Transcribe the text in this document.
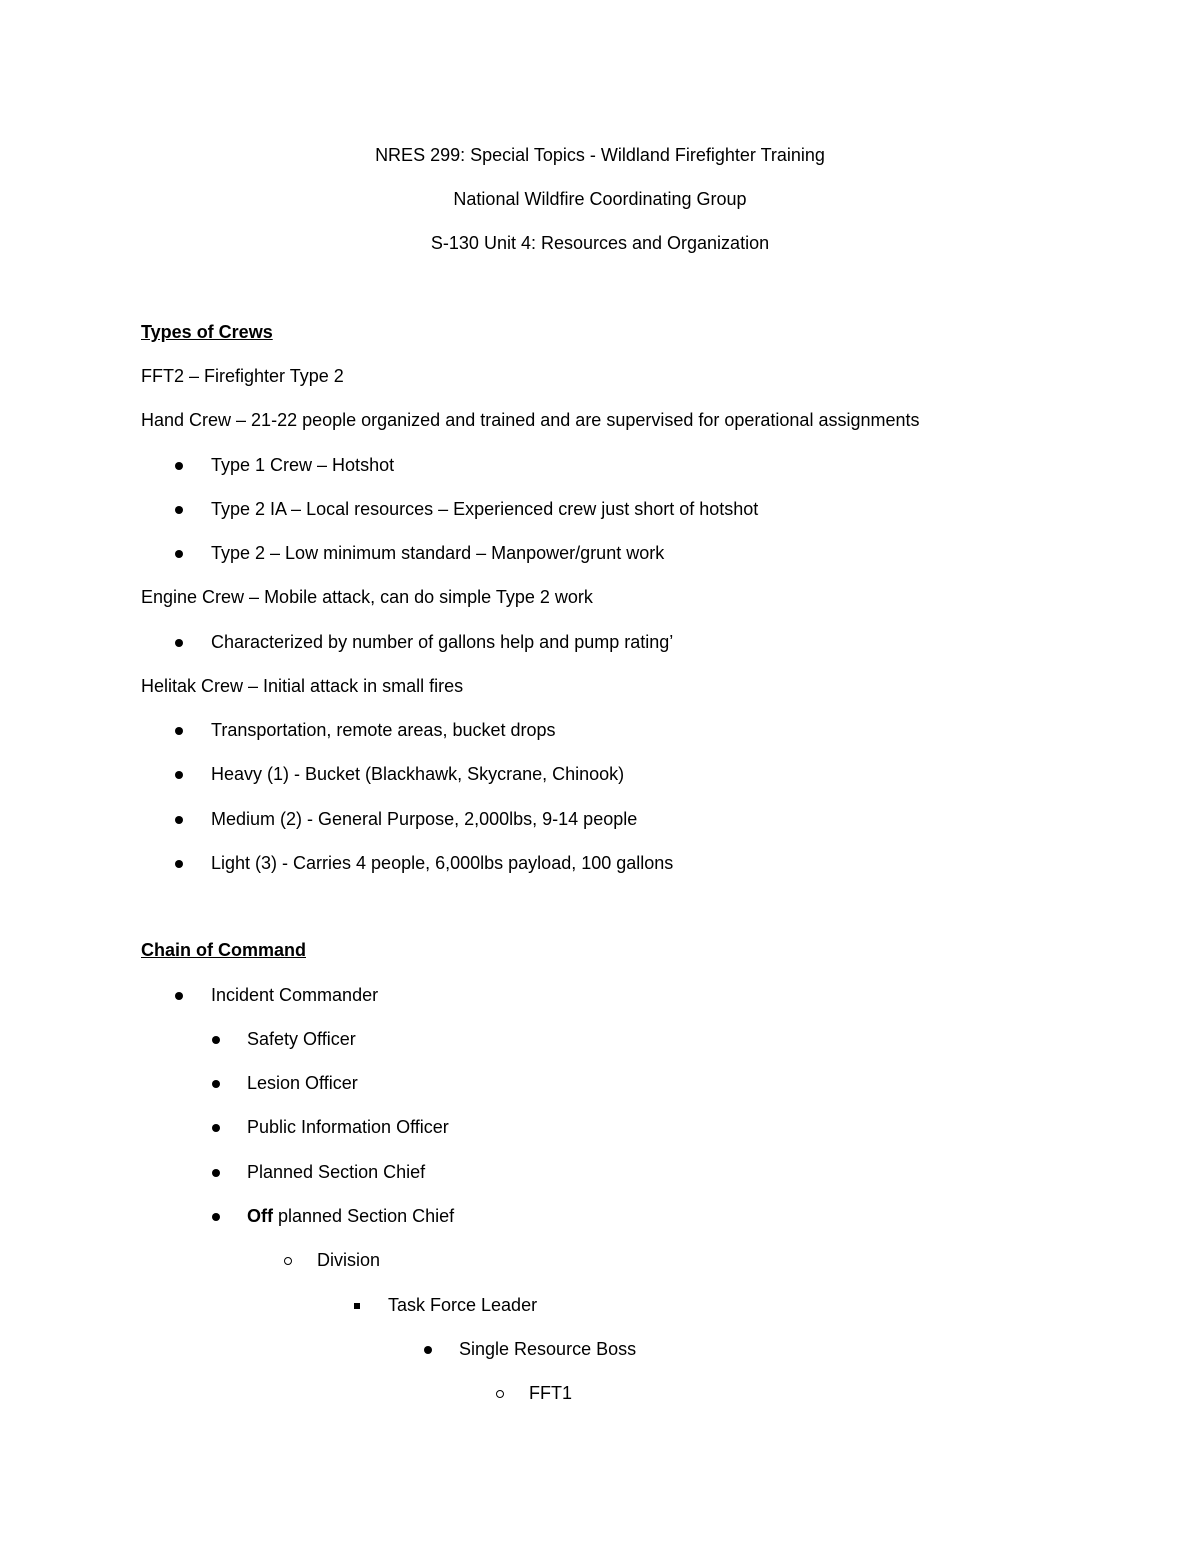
NRES 299: Special Topics - Wildland Firefighter Training
National Wildfire Coordinating Group
S-130 Unit 4: Resources and Organization
Types of Crews
FFT2 – Firefighter Type 2
Hand Crew – 21-22 people organized and trained and are supervised for operational assignments
Type 1 Crew – Hotshot
Type 2 IA – Local resources – Experienced crew just short of hotshot
Type 2 – Low minimum standard – Manpower/grunt work
Engine Crew – Mobile attack, can do simple Type 2 work
Characterized by number of gallons help and pump rating’
Helitak Crew – Initial attack in small fires
Transportation, remote areas, bucket drops
Heavy (1) - Bucket (Blackhawk, Skycrane, Chinook)
Medium (2) - General Purpose, 2,000lbs, 9-14 people
Light (3) - Carries 4 people, 6,000lbs payload, 100 gallons
Chain of Command
Incident Commander
Safety Officer
Lesion Officer
Public Information Officer
Planned Section Chief
Off planned Section Chief
Division
Task Force Leader
Single Resource Boss
FFT1
